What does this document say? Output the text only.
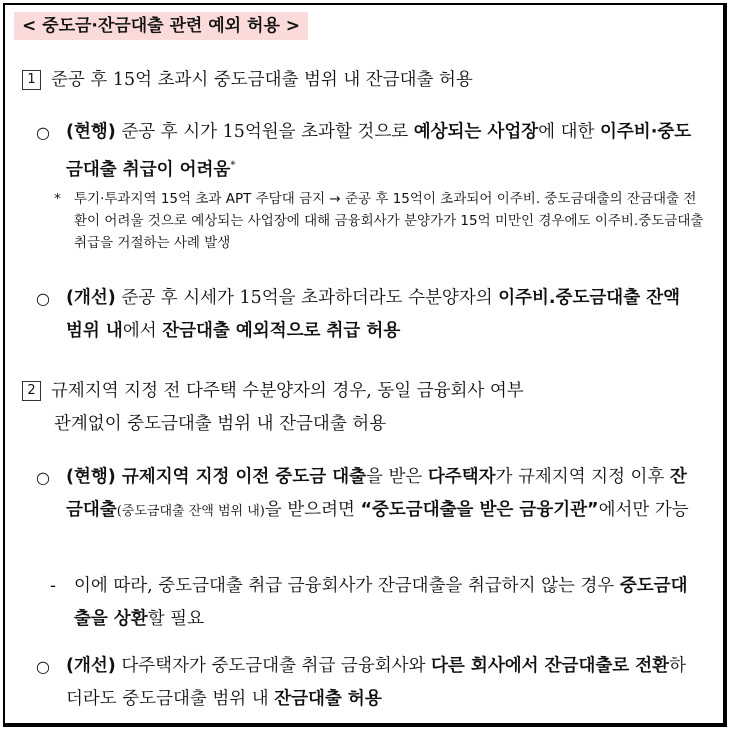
< 중도금·잔금대출 관련 예외 허용 >
1 준공 후 15억 초과시 중도금대출 범위 내 잔금대출 허용
○ (현행) 준공 후 시가 15억원을 초과할 것으로 예상되는 사업장에 대한 이주비·중도금대출 취급이 어려움*
* 투기·투과지역 15억 초과 APT 주담대 금지 → 준공 후 15억이 초과되어 이주비. 중도금대출의 잔금대출 전환이 어려울 것으로 예상되는 사업장에 대해 금융회사가 분양가가 15억 미만인 경우에도 이주비.중도금대출 취급을 거절하는 사례 발생
○ (개선) 준공 후 시세가 15억을 초과하더라도 수분양자의 이주비.중도금대출 잔액 범위 내에서 잔금대출 예외적으로 취급 허용
2 규제지역 지정 전 다주택 수분양자의 경우, 동일 금융회사 여부
관계없이 중도금대출 범위 내 잔금대출 허용
○ (현행) 규제지역 지정 이전 중도금 대출을 받은 다주택자가 규제지역 지정 이후 잔금대출(중도금대출 잔액 범위 내)을 받으려면 “중도금대출을 받은 금융기관”에서만 가능
- 이에 따라, 중도금대출 취급 금융회사가 잔금대출을 취급하지 않는 경우 중도금대출을 상환할 필요
○ (개선) 다주택자가 중도금대출 취급 금융회사와 다른 회사에서 잔금대출로 전환하더라도 중도금대출 범위 내 잔금대출 허용
